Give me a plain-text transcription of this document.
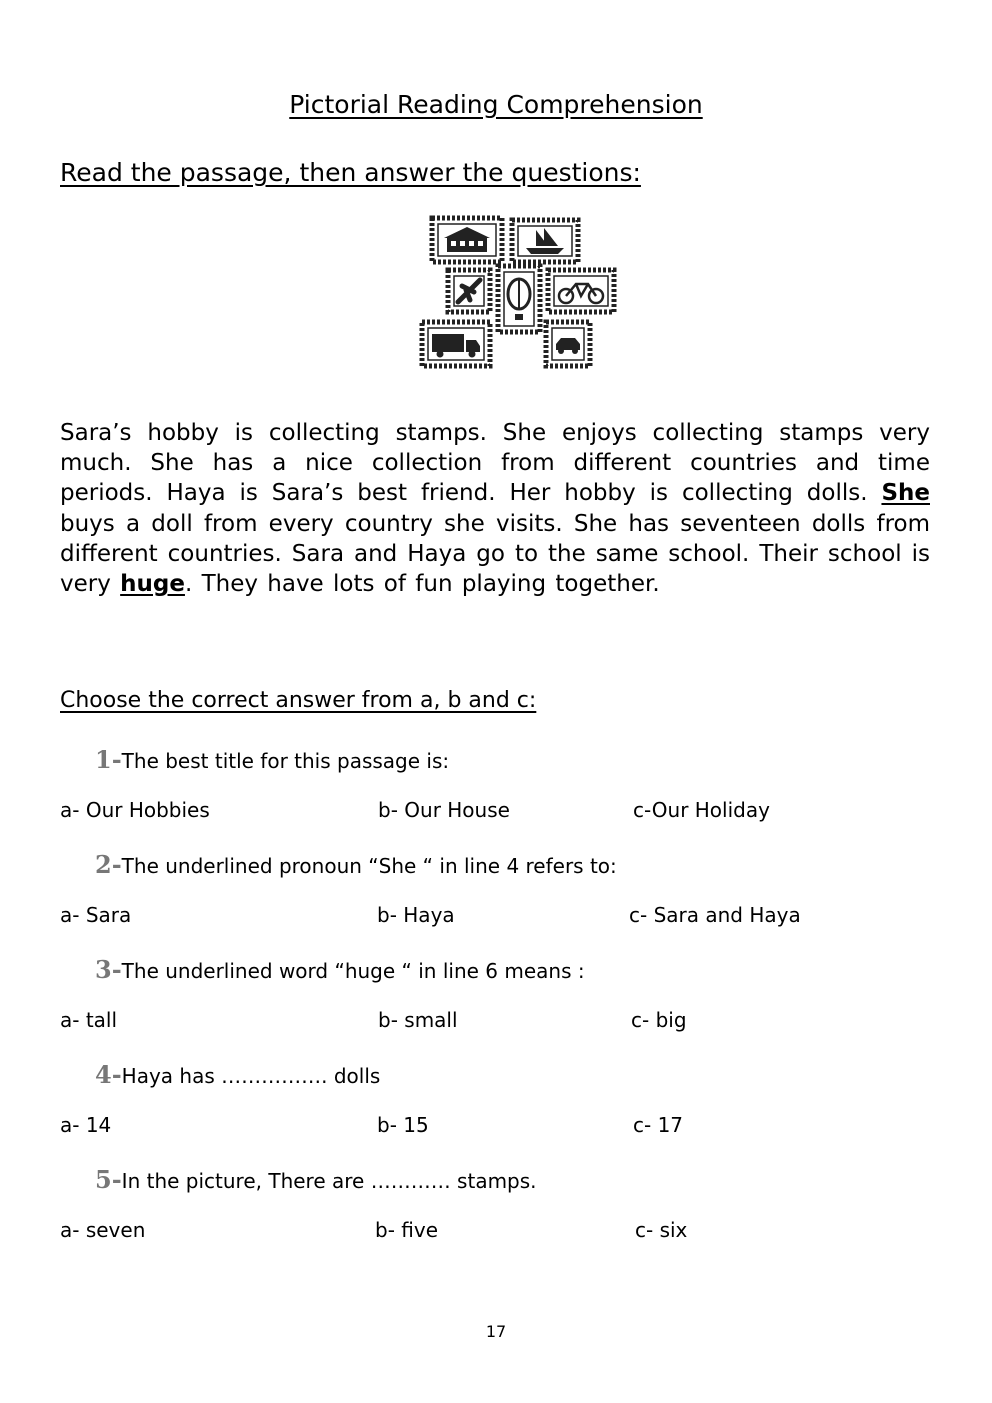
Pictorial Reading Comprehension
Read the passage, then answer the questions:
Sara’s hobby is collecting stamps. She enjoys collecting stamps very much. She has a nice collection from different countries and time periods. Haya is Sara’s best friend. Her hobby is collecting dolls. She buys a doll from every country she visits. She has seventeen dolls from different countries. Sara and Haya go to the same school. Their school is very huge. They have lots of fun playing together.
Choose the correct answer from a, b and c:
1-The best title for this passage is:
a- Our Hobbies	b- Our House	c-Our Holiday
2-The underlined pronoun “She “ in line 4 refers to:
a- Sara	b- Haya	c- Sara and Haya
3-The underlined word “huge “ in line 6 means :
a- tall	b- small	c- big
4-Haya has ……………. dolls
a- 14	b- 15	c- 17
5-In the picture, There are ………… stamps.
a- seven	b- five	c- six
17
